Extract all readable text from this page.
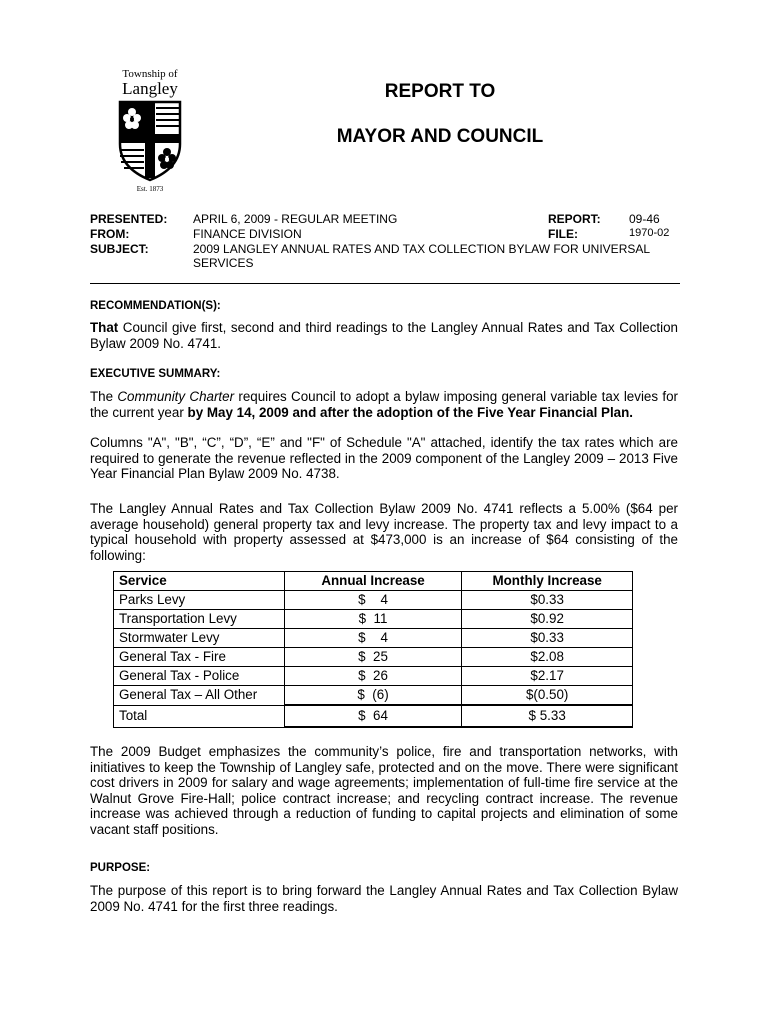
Township of
Langley
Est. 1873
REPORT TO
MAYOR AND COUNCIL
PRESENTED: APRIL 6, 2009 - REGULAR MEETING
FROM:	FINANCE DIVISION
SUBJECT:	2009 LANGLEY ANNUAL RATES AND TAX COLLECTION BYLAW FOR UNIVERSAL
SERVICES
REPORT: 09-46
FILE:	1970-02
RECOMMENDATION(S):
That Council give first, second and third readings to the Langley Annual Rates and Tax Collection Bylaw 2009 No. 4741.
EXECUTIVE SUMMARY:
The Community Charter requires Council to adopt a bylaw imposing general variable tax levies for the current year by May 14, 2009 and after the adoption of the Five Year Financial Plan.
Columns "A", "B", “C”, “D”, “E” and "F" of Schedule "A" attached, identify the tax rates which are required to generate the revenue reflected in the 2009 component of the Langley 2009 – 2013 Five Year Financial Plan Bylaw 2009 No. 4738.
The Langley Annual Rates and Tax Collection Bylaw 2009 No. 4741 reflects a 5.00% ($64 per average household) general property tax and levy increase. The property tax and levy impact to a typical household with property assessed at $473,000 is an increase of $64 consisting of the following:
Service	Annual Increase	Monthly Increase
Parks Levy	$    4	$0.33
Transportation Levy	$  11	$0.92
Stormwater Levy	$    4	$0.33
General Tax - Fire	$  25	$2.08
General Tax - Police	$  26	$2.17
General Tax – All Other	$  (6)	$(0.50)
Total	$  64	$ 5.33
The 2009 Budget emphasizes the community’s police, fire and transportation networks, with initiatives to keep the Township of Langley safe, protected and on the move. There were significant cost drivers in 2009 for salary and wage agreements; implementation of full-time fire service at the Walnut Grove Fire-Hall; police contract increase; and recycling contract increase. The revenue increase was achieved through a reduction of funding to capital projects and elimination of some vacant staff positions.
PURPOSE:
The purpose of this report is to bring forward the Langley Annual Rates and Tax Collection Bylaw 2009 No. 4741 for the first three readings.
